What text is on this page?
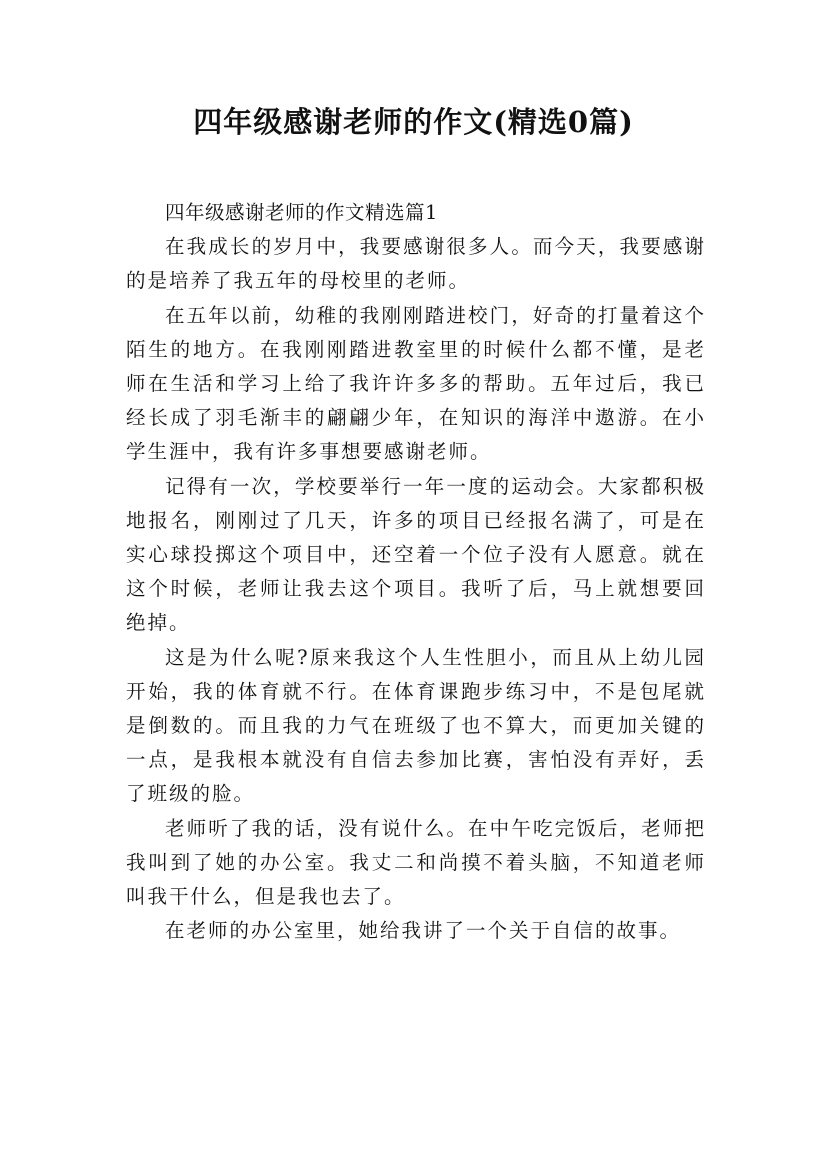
四年级感谢老师的作文(精选0篇)

四年级感谢老师的作文精选篇1

在我成长的岁月中，我要感谢很多人。而今天，我要感谢的是培养了我五年的母校里的老师。

在五年以前，幼稚的我刚刚踏进校门，好奇的打量着这个陌生的地方。在我刚刚踏进教室里的时候什么都不懂，是老师在生活和学习上给了我许许多多的帮助。五年过后，我已经长成了羽毛渐丰的翩翩少年，在知识的海洋中遨游。在小学生涯中，我有许多事想要感谢老师。

记得有一次，学校要举行一年一度的运动会。大家都积极地报名，刚刚过了几天，许多的项目已经报名满了，可是在实心球投掷这个项目中，还空着一个位子没有人愿意。就在这个时候，老师让我去这个项目。我听了后，马上就想要回绝掉。

这是为什么呢?原来我这个人生性胆小，而且从上幼儿园开始，我的体育就不行。在体育课跑步练习中，不是包尾就是倒数的。而且我的力气在班级了也不算大，而更加关键的一点，是我根本就没有自信去参加比赛，害怕没有弄好，丢了班级的脸。

老师听了我的话，没有说什么。在中午吃完饭后，老师把我叫到了她的办公室。我丈二和尚摸不着头脑，不知道老师叫我干什么，但是我也去了。

在老师的办公室里，她给我讲了一个关于自信的故事。
